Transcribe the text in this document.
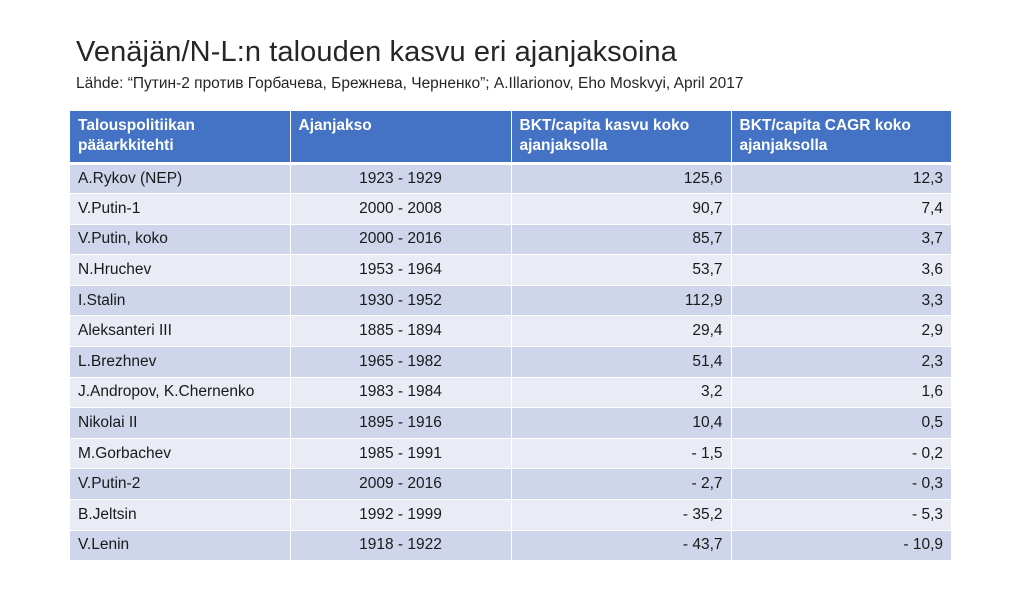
Venäjän/N-L:n talouden kasvu eri ajanjaksoina
Lähde: “Путин-2 против Горбачева, Брежнева, Черненко”; A.Illarionov, Eho Moskvyi, April 2017
Talouspolitiikan pääarkkitehti	Ajanjakso	BKT/capita kasvu koko ajanjaksolla	BKT/capita CAGR koko ajanjaksolla
A.Rykov (NEP)	1923 - 1929	125,6	12,3
V.Putin-1	2000 - 2008	90,7	7,4
V.Putin, koko	2000 - 2016	85,7	3,7
N.Hruchev	1953 - 1964	53,7	3,6
I.Stalin	1930 - 1952	112,9	3,3
Aleksanteri III	1885 - 1894	29,4	2,9
L.Brezhnev	1965 - 1982	51,4	2,3
J.Andropov, K.Chernenko	1983 - 1984	3,2	1,6
Nikolai II	1895 - 1916	10,4	0,5
M.Gorbachev	1985 - 1991	- 1,5	- 0,2
V.Putin-2	2009 - 2016	- 2,7	- 0,3
B.Jeltsin	1992 - 1999	- 35,2	- 5,3
V.Lenin	1918 - 1922	- 43,7	- 10,9
